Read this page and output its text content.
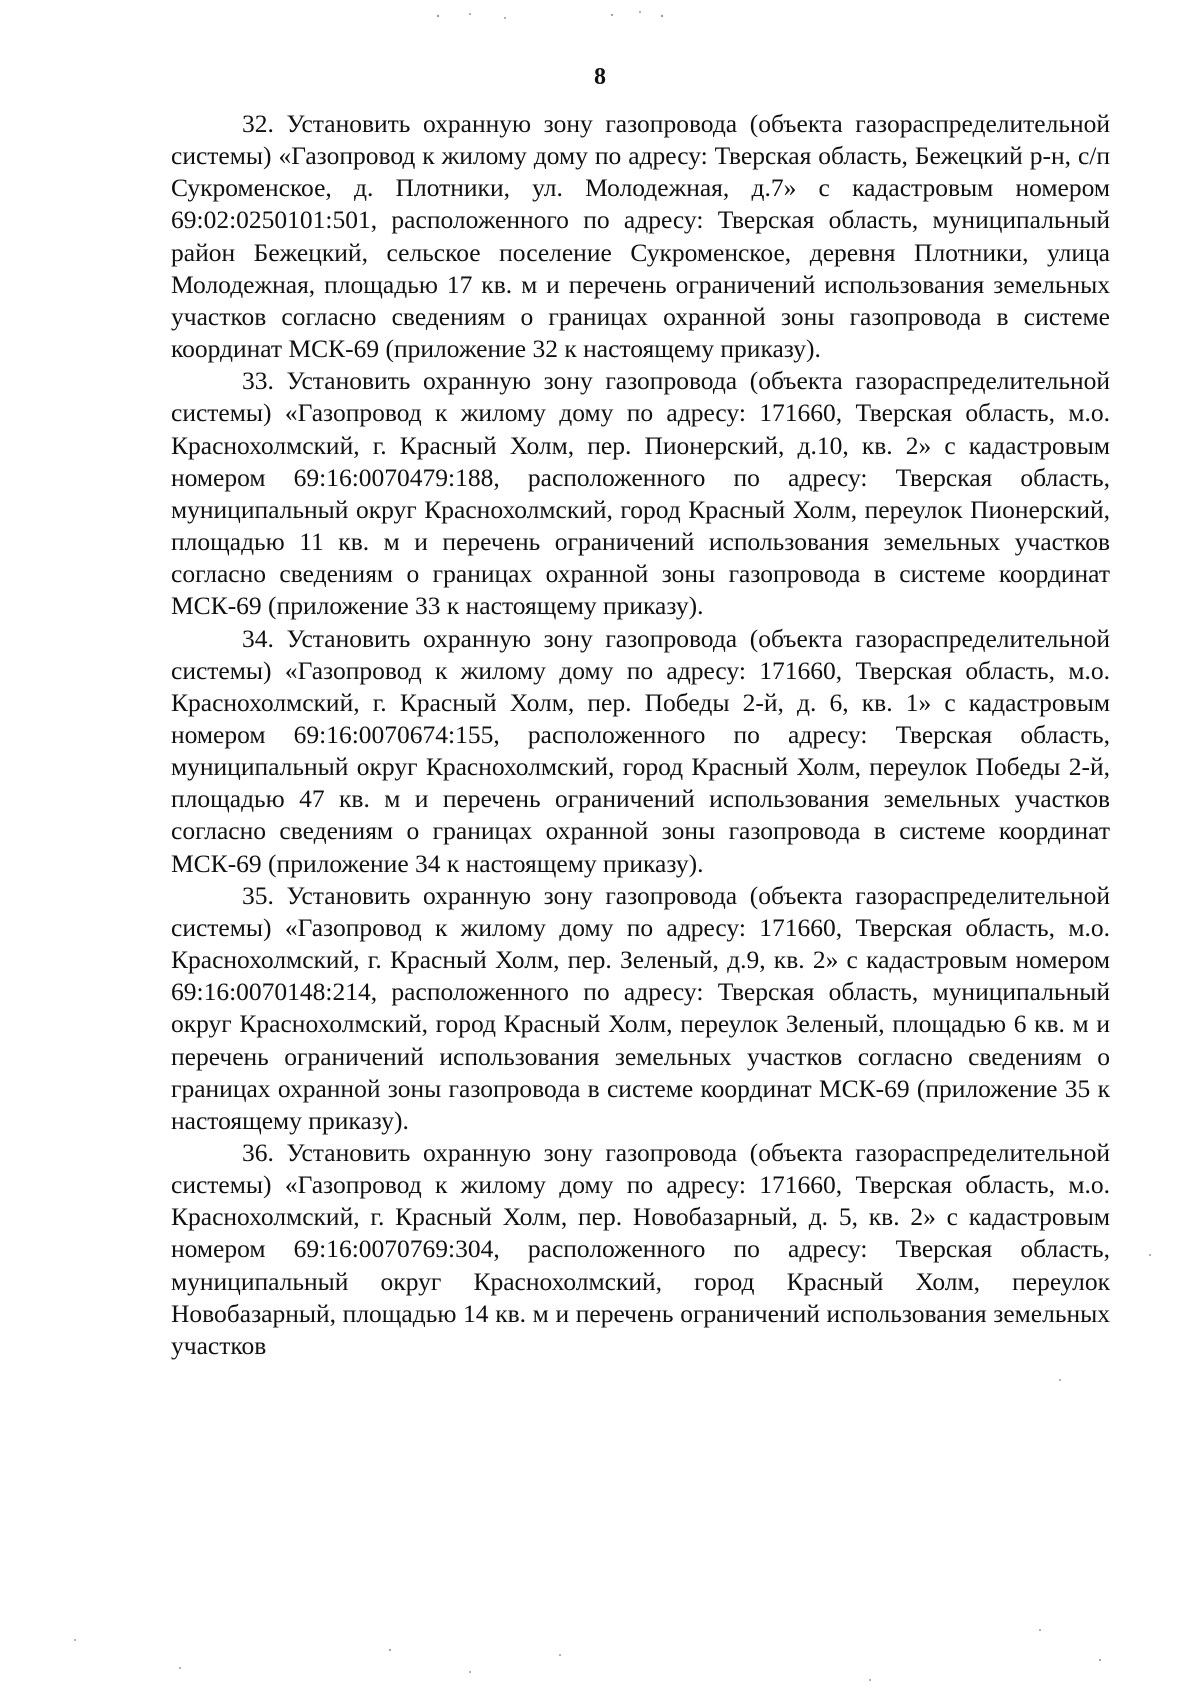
8

32. Установить охранную зону газопровода (объекта газораспределительной системы) «Газопровод к жилому дому по адресу: Тверская область, Бежецкий р-н, с/п Сукроменское, д. Плотники, ул. Молодежная, д.7» с кадастровым номером 69:02:0250101:501, расположенного по адресу: Тверская область, муниципальный район Бежецкий, сельское поселение Сукроменское, деревня Плотники, улица Молодежная, площадью 17 кв. м и перечень ограничений использования земельных участков согласно сведениям о границах охранной зоны газопровода в системе координат МСК-69 (приложение 32 к настоящему приказу).

33. Установить охранную зону газопровода (объекта газораспределительной системы) «Газопровод к жилому дому по адресу: 171660, Тверская область, м.о. Краснохолмский, г. Красный Холм, пер. Пионерский, д.10, кв. 2» с кадастровым номером 69:16:0070479:188, расположенного по адресу: Тверская область, муниципальный округ Краснохолмский, город Красный Холм, переулок Пионерский, площадью 11 кв. м и перечень ограничений использования земельных участков согласно сведениям о границах охранной зоны газопровода в системе координат МСК-69 (приложение 33 к настоящему приказу).

34. Установить охранную зону газопровода (объекта газораспределительной системы) «Газопровод к жилому дому по адресу: 171660, Тверская область, м.о. Краснохолмский, г. Красный Холм, пер. Победы 2-й, д. 6, кв. 1» с кадастровым номером 69:16:0070674:155, расположенного по адресу: Тверская область, муниципальный округ Краснохолмский, город Красный Холм, переулок Победы 2-й, площадью 47 кв. м и перечень ограничений использования земельных участков согласно сведениям о границах охранной зоны газопровода в системе координат МСК-69 (приложение 34 к настоящему приказу).

35. Установить охранную зону газопровода (объекта газораспределительной системы) «Газопровод к жилому дому по адресу: 171660, Тверская область, м.о. Краснохолмский, г. Красный Холм, пер. Зеленый, д.9, кв. 2» с кадастровым номером 69:16:0070148:214, расположенного по адресу: Тверская область, муниципальный округ Краснохолмский, город Красный Холм, переулок Зеленый, площадью 6 кв. м и перечень ограничений использования земельных участков согласно сведениям о границах охранной зоны газопровода в системе координат МСК-69 (приложение 35 к настоящему приказу).

36. Установить охранную зону газопровода (объекта газораспределительной системы) «Газопровод к жилому дому по адресу: 171660, Тверская область, м.о. Краснохолмский, г. Красный Холм, пер. Новобазарный, д. 5, кв. 2» с кадастровым номером 69:16:0070769:304, расположенного по адресу: Тверская область, муниципальный округ Краснохолмский, город Красный Холм, переулок Новобазарный, площадью 14 кв. м и перечень ограничений использования земельных участков
